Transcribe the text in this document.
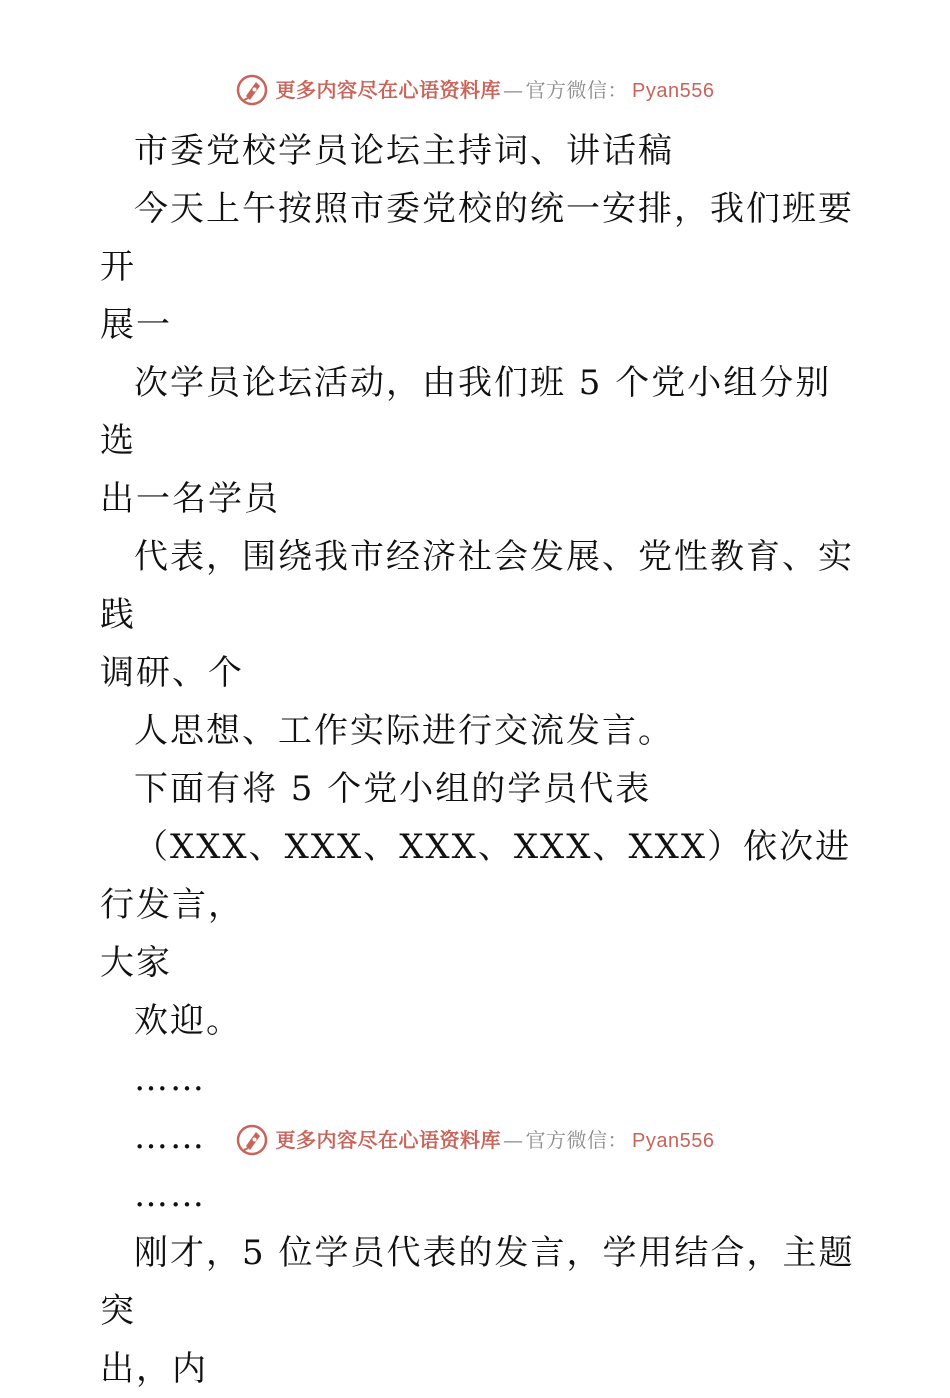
更多内容尽在心语资料库 — 官方微信： Pyan556
市委党校学员论坛主持词、讲话稿
今天上午按照市委党校的统一安排，我们班要开
展一
次学员论坛活动，由我们班 5 个党小组分别选
出一名学员
代表，围绕我市经济社会发展、党性教育、实践
调研、个
人思想、工作实际进行交流发言。
下面有将 5 个党小组的学员代表
（XXX、XXX、XXX、XXX、XXX）依次进行发言，
大家
欢迎。
……
……
……
刚才，5 位学员代表的发言，学用结合，主题突
出，内
更多内容尽在心语资料库 — 官方微信： Pyan556
